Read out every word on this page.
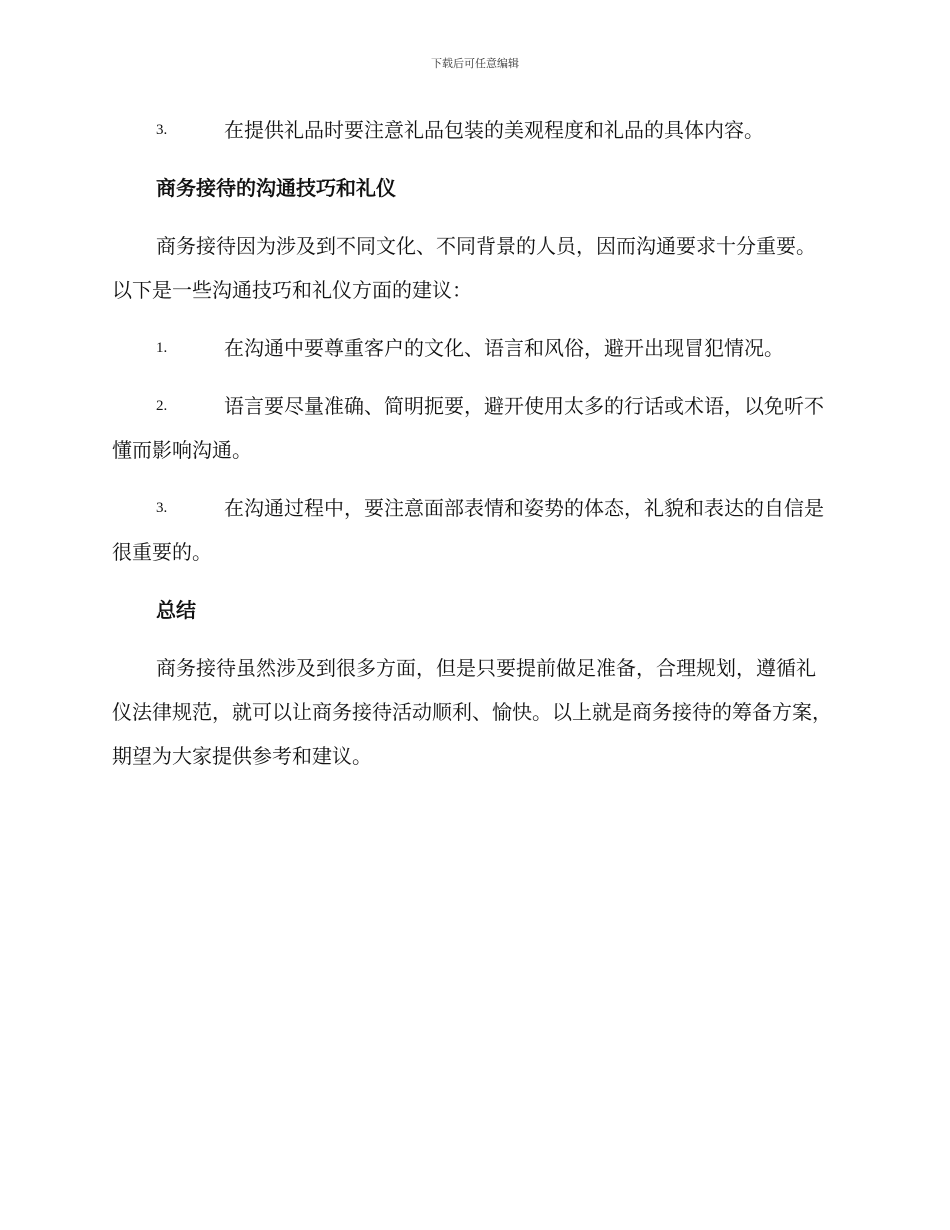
下载后可任意编辑
3.	在提供礼品时要注意礼品包装的美观程度和礼品的具体内容。
商务接待的沟通技巧和礼仪
商务接待因为涉及到不同文化、不同背景的人员，因而沟通要求十分重要。以下是一些沟通技巧和礼仪方面的建议：
1.	在沟通中要尊重客户的文化、语言和风俗，避开出现冒犯情况。
2.	语言要尽量准确、简明扼要，避开使用太多的行话或术语，以免听不懂而影响沟通。
3.	在沟通过程中，要注意面部表情和姿势的体态，礼貌和表达的自信是很重要的。
总结
商务接待虽然涉及到很多方面，但是只要提前做足准备，合理规划，遵循礼仪法律规范，就可以让商务接待活动顺利、愉快。以上就是商务接待的筹备方案，期望为大家提供参考和建议。
